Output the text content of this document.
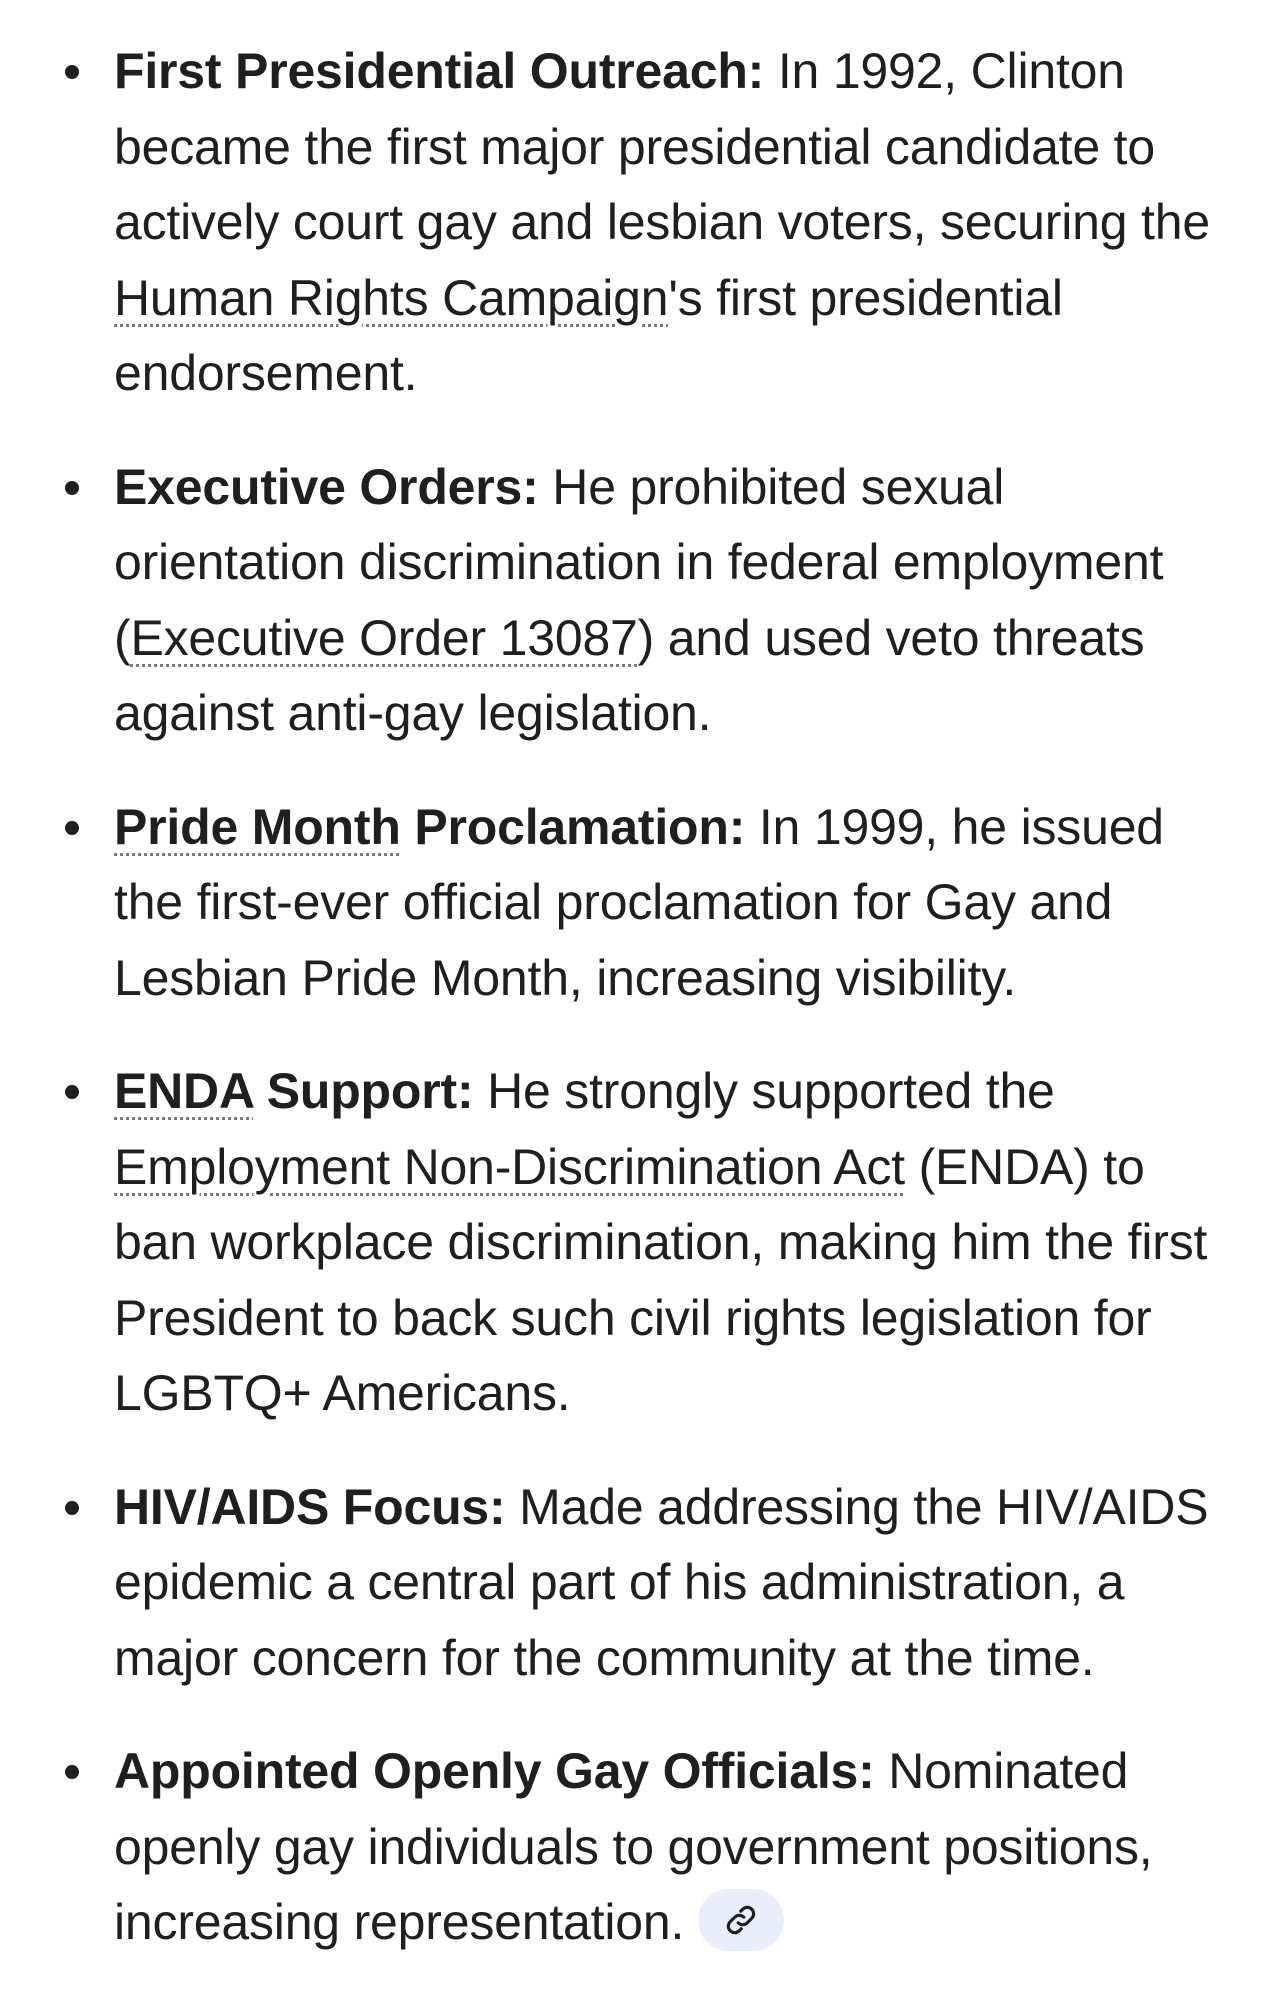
First Presidential Outreach: In 1992, Clinton became the first major presidential candidate to actively court gay and lesbian voters, securing the Human Rights Campaign's first presidential endorsement.
Executive Orders: He prohibited sexual orientation discrimination in federal employment (Executive Order 13087) and used veto threats against anti-gay legislation.
Pride Month Proclamation: In 1999, he issued the first-ever official proclamation for Gay and Lesbian Pride Month, increasing visibility.
ENDA Support: He strongly supported the Employment Non-Discrimination Act (ENDA) to ban workplace discrimination, making him the first President to back such civil rights legislation for LGBTQ+ Americans.
HIV/AIDS Focus: Made addressing the HIV/AIDS epidemic a central part of his administration, a major concern for the community at the time.
Appointed Openly Gay Officials: Nominated openly gay individuals to government positions, increasing representation.
